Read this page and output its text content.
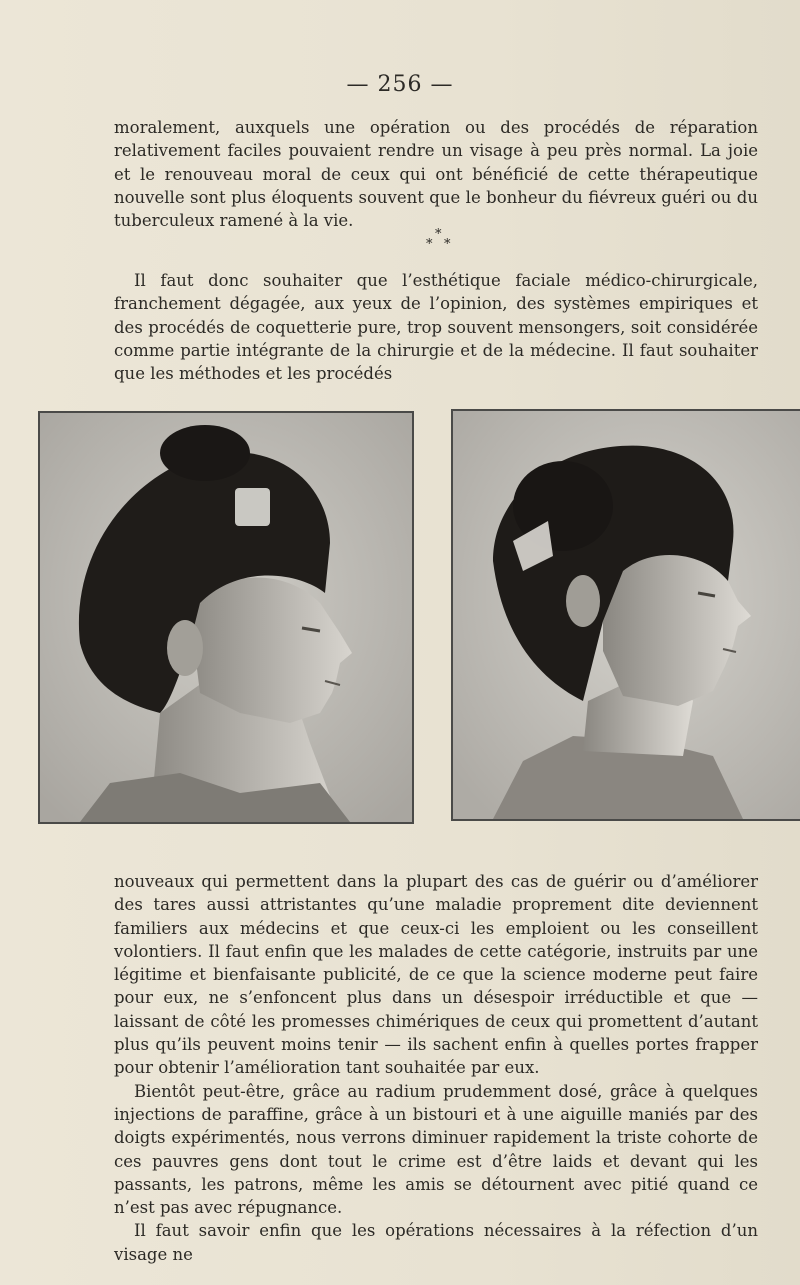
— 256 —

moralement, auxquels une opération ou des procédés de réparation relativement faciles pouvaient rendre un visage à peu près normal. La joie et le renouveau moral de ceux qui ont bénéficié de cette thérapeutique nouvelle sont plus éloquents souvent que le bonheur du fiévreux guéri ou du tuberculeux ramené à la vie.

*
* *

Il faut donc souhaiter que l’esthétique faciale médico-chirurgicale, franchement dégagée, aux yeux de l’opinion, des systèmes empiriques et des procédés de coquetterie pure, trop souvent mensongers, soit considérée comme partie intégrante de la chirurgie et de la médecine. Il faut souhaiter que les méthodes et les procédés

nouveaux qui permettent dans la plupart des cas de guérir ou d’améliorer des tares aussi attristantes qu’une maladie proprement dite deviennent familiers aux médecins et que ceux-ci les emploient ou les conseillent volontiers. Il faut enfin que les malades de cette catégorie, instruits par une légitime et bienfaisante publicité, de ce que la science moderne peut faire pour eux, ne s’enfoncent plus dans un désespoir irréductible et que — laissant de côté les promesses chimériques de ceux qui promettent d’autant plus qu’ils peuvent moins tenir — ils sachent enfin à quelles portes frapper pour obtenir l’amélioration tant souhaitée par eux.

Bientôt peut-être, grâce au radium prudemment dosé, grâce à quelques injections de paraffine, grâce à un bistouri et à une aiguille maniés par des doigts expérimentés, nous verrons diminuer rapidement la triste cohorte de ces pauvres gens dont tout le crime est d’être laids et devant qui les passants, les patrons, même les amis se détournent avec pitié quand ce n’est pas avec répugnance.

Il faut savoir enfin que les opérations nécessaires à la réfection d’un visage ne
